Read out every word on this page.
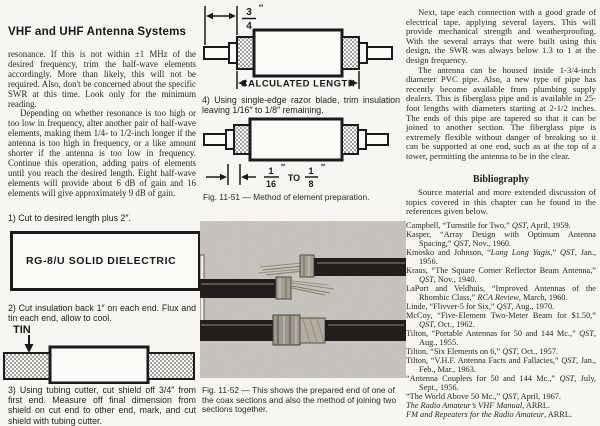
VHF and UHF Antenna Systems

resonance. If this is not within ±1 MHz of the desired frequency, trim the half-wave elements accordingly. More than likely, this will not be required. Also, don't be concerned about the specific SWR at this time. Look only for the minimum reading.

Depending on whether resonance is too high or too low in frequency, alter another pair of half-wave elements, making them 1/4- to 1/2-inch longer if the antenna is too high in frequency, or a like amount shorter if the antenna is too low in frequency. Continue this operation, adding pairs of elements until you reach the desired length. Eight half-wave elements will provide about 6 dB of gain and 16 elements will give approximately 9 dB of gain.

1) Cut to desired length plus 2″.
RG-8/U SOLID DIELECTRIC
2) Cut insulation back 1″ on each end. Flux and tin each end, allow to cool.
TIN
3) Using tubing cutter, cut shield off 3/4″ from first end. Measure off final dimension from shield on cut end to other end, mark, and cut shield with tubing cutter.
3
4
″
CALCULATED LENGTH
4) Using single-edge razor blade, trim insulation leaving 1/16″ to 1/8″ remaining.
1
16
″
TO
1
8
″
Fig. 11-51 — Method of element preparation.
Fig. 11-52 — This shows the prepared end of one of the coax sections and also the method of joining two sections together.

Next, tape each connection with a good grade of electrical tape, applying several layers. This will provide mechanical strength and weatherproofing. With the several arrays that were built using this design, the SWR was always below 1.3 to 1 at the design frequency.

The antenna can be housed inside 1-3/4-inch diameter PVC pipe. Also, a new type of pipe has recently become available from plumbing supply dealers. This is fiberglass pipe and is available in 25-foot lengths with diameters starting at 2-1/2 inches. The ends of this pipe are tapered so that it can be joined to another section. The fiberglass pipe is extremely flexible without danger of breaking so it can be supported at one end, such as at the top of a tower, permitting the antenna to be in the clear.

Bibliography

Source material and more extended discussion of topics covered in this chapter can be found in the references given below.

Campbell, “Turnstile for Two,” QST, April, 1959.
Kasper, “Array Design with Optimum Antenna Spacing,” QST, Nov., 1960.
Kmosko and Johnson, “Long Long Yagis,” QST, Jan., 1956.
Kraus, “The Square Corner Reflector Beam Antenna,” QST, Nov., 1940.
LaPort and Veldhuis, “Improved Antennas of the Rhombic Class,” RCA Review, March, 1960.
Linde, “Flivver-5 for Six,” QST, Aug., 1970.
McCoy, “Five-Element Two-Meter Beam for $1.50,” QST, Oct., 1962.
Tilton, “Portable Antennas for 50 and 144 Mc.,” QST, Aug., 1955.
Tilton, “Six Elements on 6,” QST, Oct., 1957.
Tilton, “V.H.F. Antenna Facts and Fallacies,” QST, Jan., Feb., Mar., 1963.
“Antenna Couplers for 50 and 144 Mc.,” QST, July, Sept., 1956.
“The World Above 50 Mc.,” QST, April, 1967.
The Radio Amateur’s VHF Manual, ARRL.
FM and Repeaters for the Radio Amateur, ARRL.
